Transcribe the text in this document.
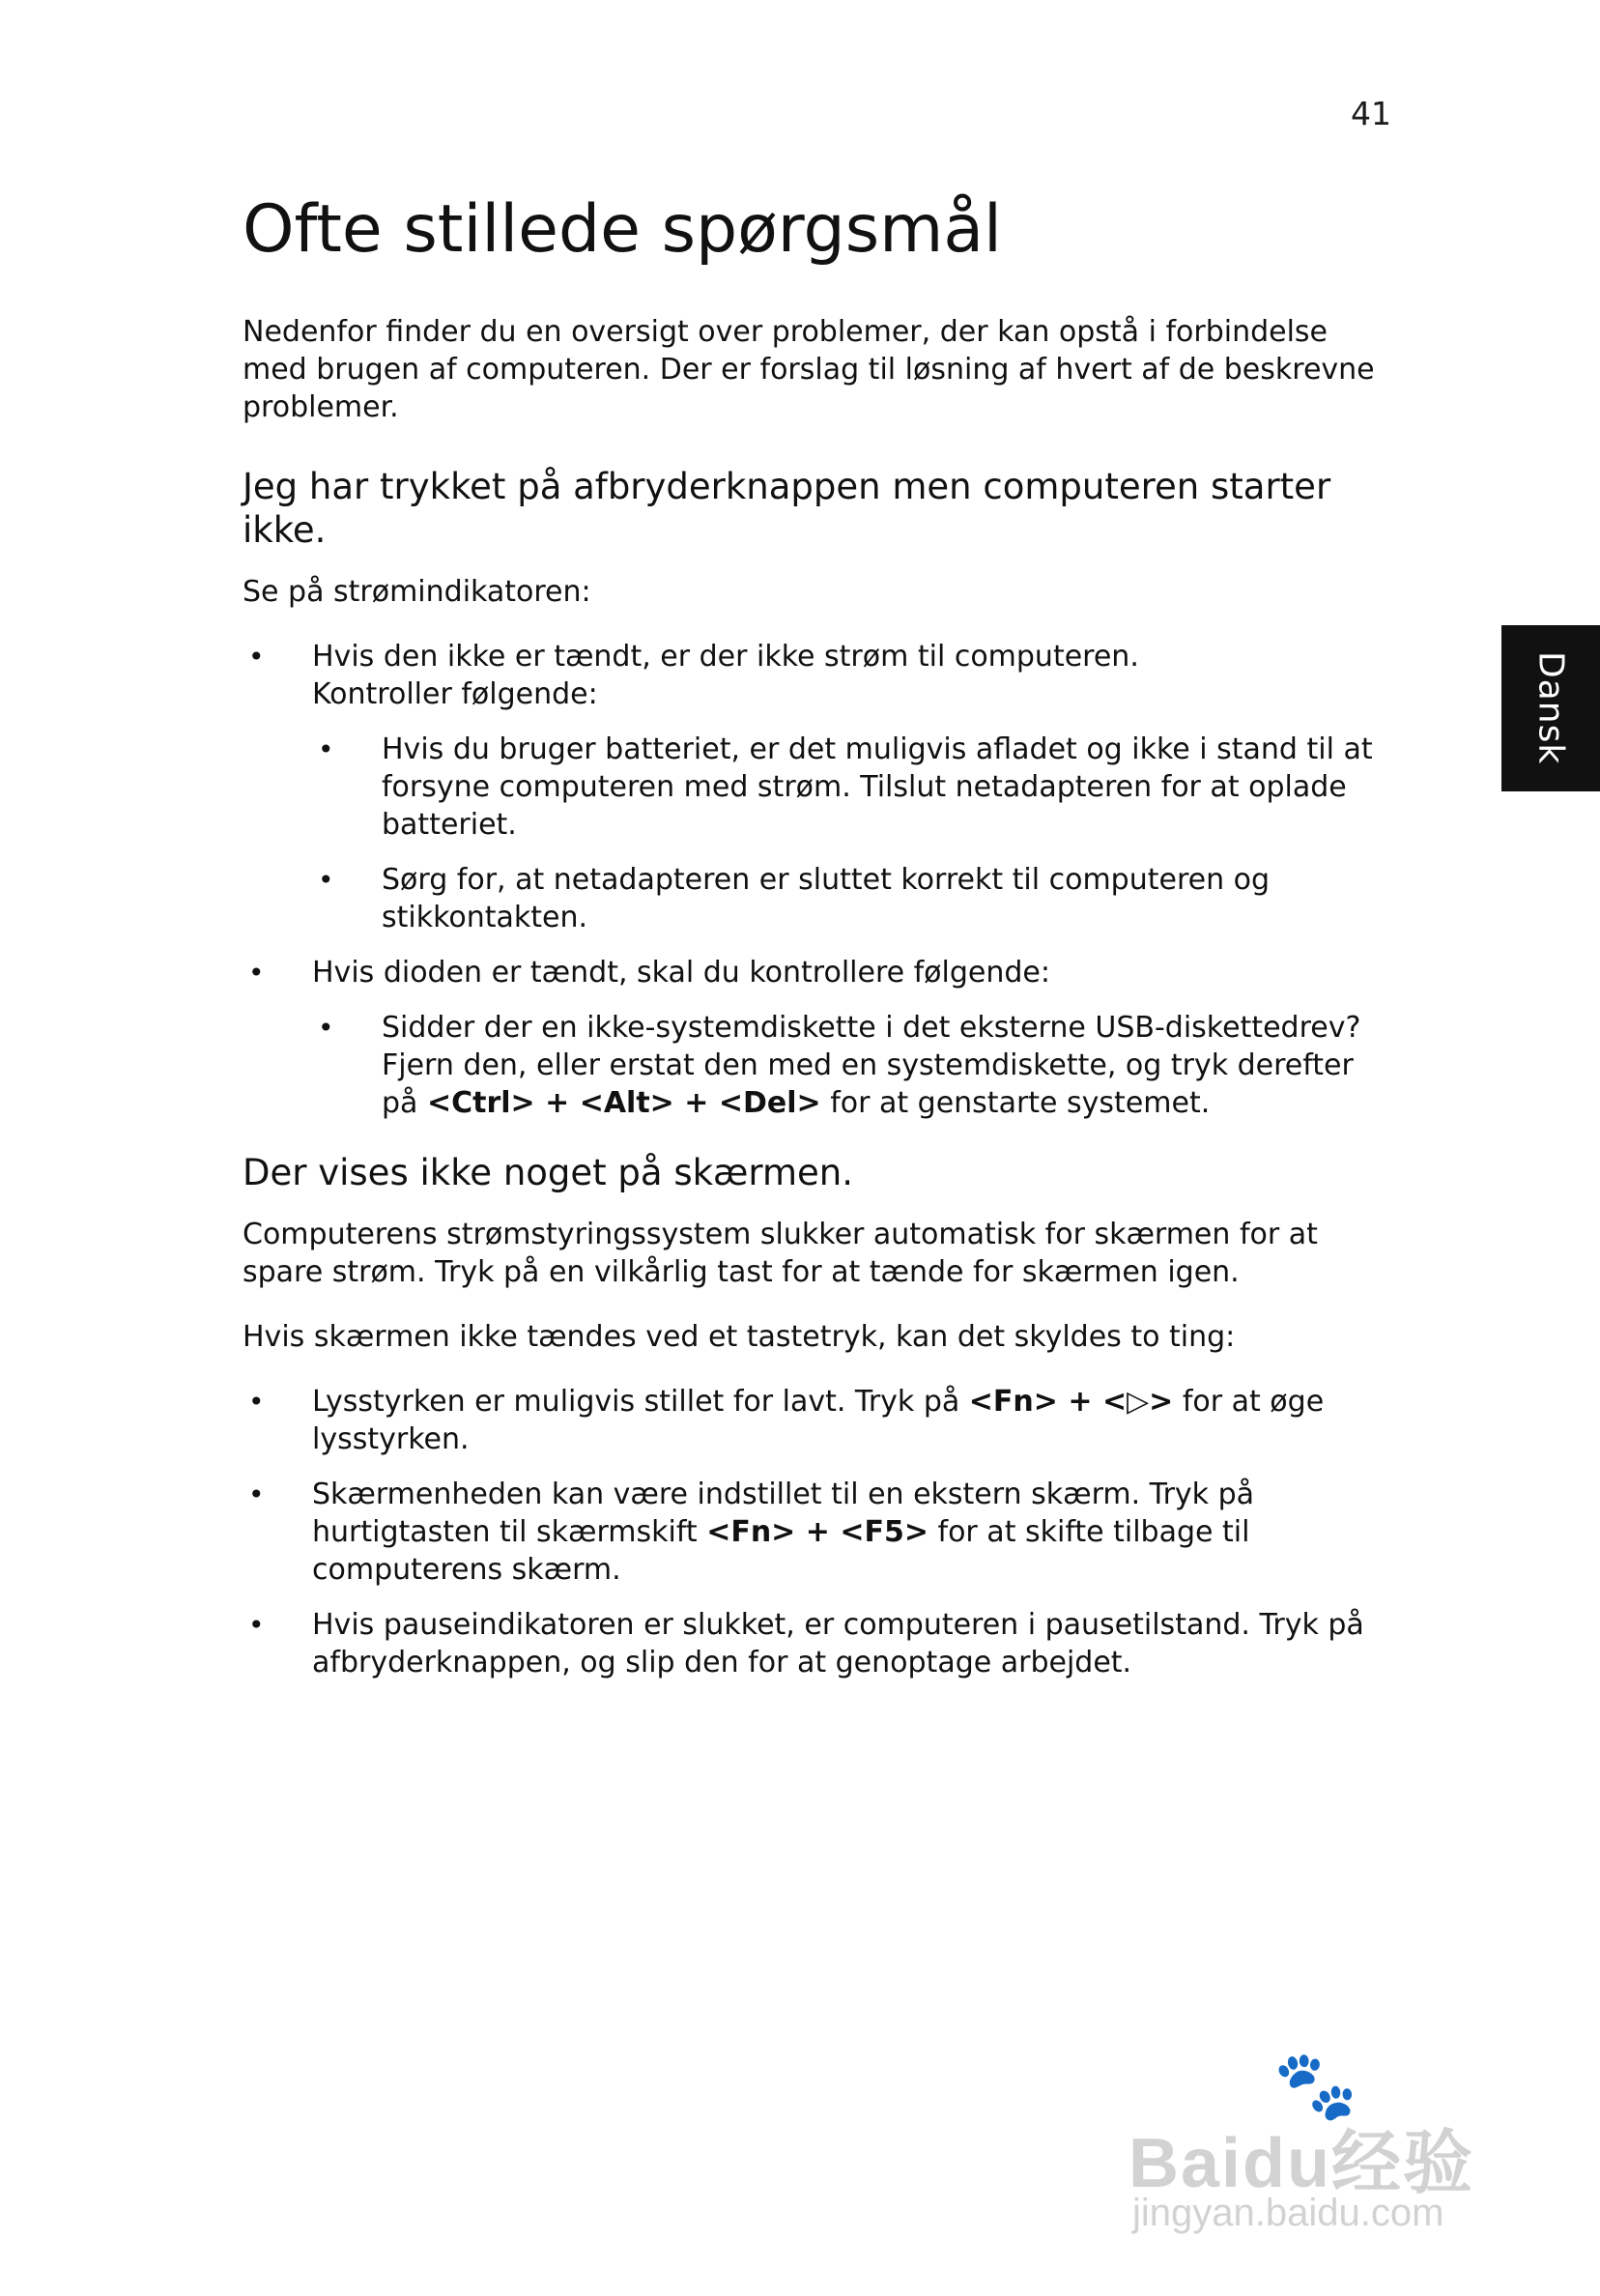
41
Dansk
Ofte stillede spørgsmål

Nedenfor finder du en oversigt over problemer, der kan opstå i forbindelse med brugen af computeren. Der er forslag til løsning af hvert af de beskrevne problemer.

Jeg har trykket på afbryderknappen men computeren starter ikke.

Se på strømindikatoren:

• Hvis den ikke er tændt, er der ikke strøm til computeren.
Kontroller følgende:
• Hvis du bruger batteriet, er det muligvis afladet og ikke i stand til at forsyne computeren med strøm. Tilslut netadapteren for at oplade batteriet.
• Sørg for, at netadapteren er sluttet korrekt til computeren og stikkontakten.
• Hvis dioden er tændt, skal du kontrollere følgende:
• Sidder der en ikke-systemdiskette i det eksterne USB-diskettedrev? Fjern den, eller erstat den med en systemdiskette, og tryk derefter på <Ctrl> + <Alt> + <Del> for at genstarte systemet.
Der vises ikke noget på skærmen.

Computerens strømstyringssystem slukker automatisk for skærmen for at spare strøm. Tryk på en vilkårlig tast for at tænde for skærmen igen.

Hvis skærmen ikke tændes ved et tastetryk, kan det skyldes to ting:

• Lysstyrken er muligvis stillet for lavt. Tryk på <Fn> + <▷> for at øge lysstyrken.
• Skærmenheden kan være indstillet til en ekstern skærm. Tryk på hurtigtasten til skærmskift <Fn> + <F5> for at skifte tilbage til computerens skærm.
• Hvis pauseindikatoren er slukket, er computeren i pausetilstand. Tryk på afbryderknappen, og slip den for at genoptage arbejdet.
🐾
Baidu经验
jingyan.baidu.com
